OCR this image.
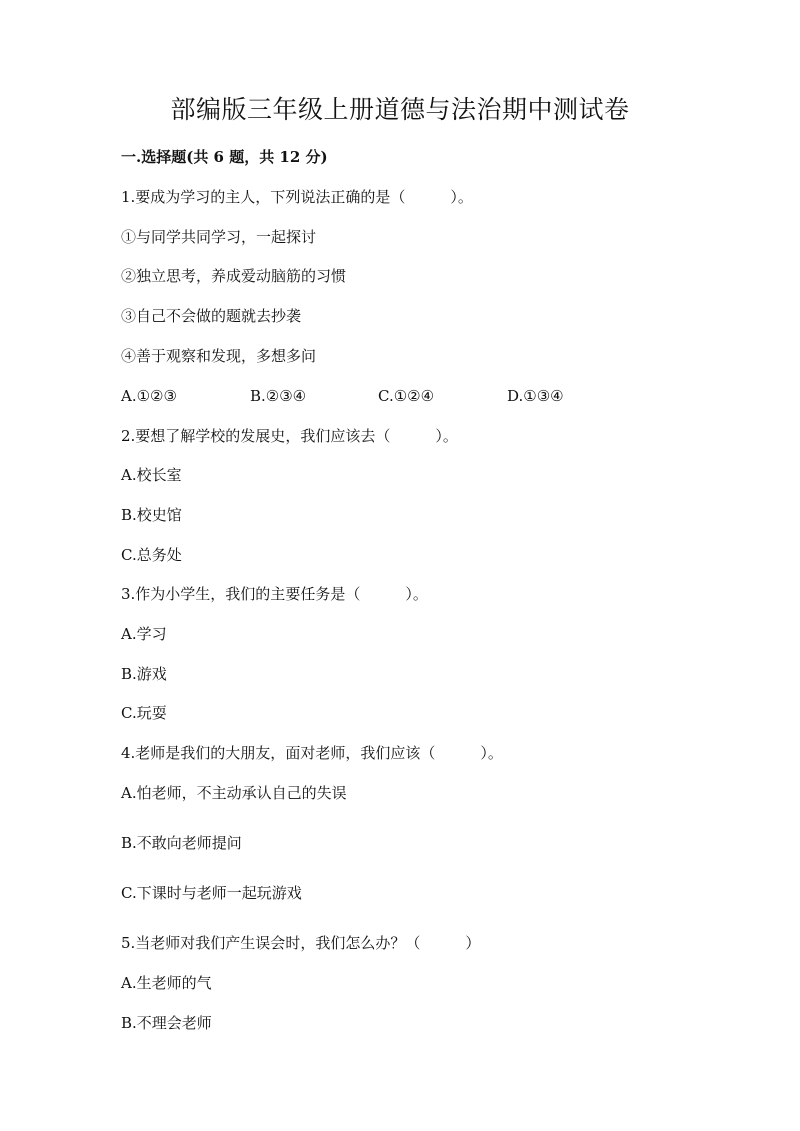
部编版三年级上册道德与法治期中测试卷

一.选择题(共 6 题，共 12 分)

1.要成为学习的主人，下列说法正确的是（　　　）。

①与同学共同学习，一起探讨

②独立思考，养成爱动脑筋的习惯

③自己不会做的题就去抄袭

④善于观察和发现，多想多问

A.①②③	B.②③④	C.①②④	D.①③④

2.要想了解学校的发展史，我们应该去（　　　）。

A.校长室

B.校史馆

C.总务处

3.作为小学生，我们的主要任务是（　　　）。

A.学习

B.游戏

C.玩耍

4.老师是我们的大朋友，面对老师，我们应该（　　　）。

A.怕老师，不主动承认自己的失误

B.不敢向老师提问

C.下课时与老师一起玩游戏

5.当老师对我们产生误会时，我们怎么办？（　　　）

A.生老师的气

B.不理会老师
